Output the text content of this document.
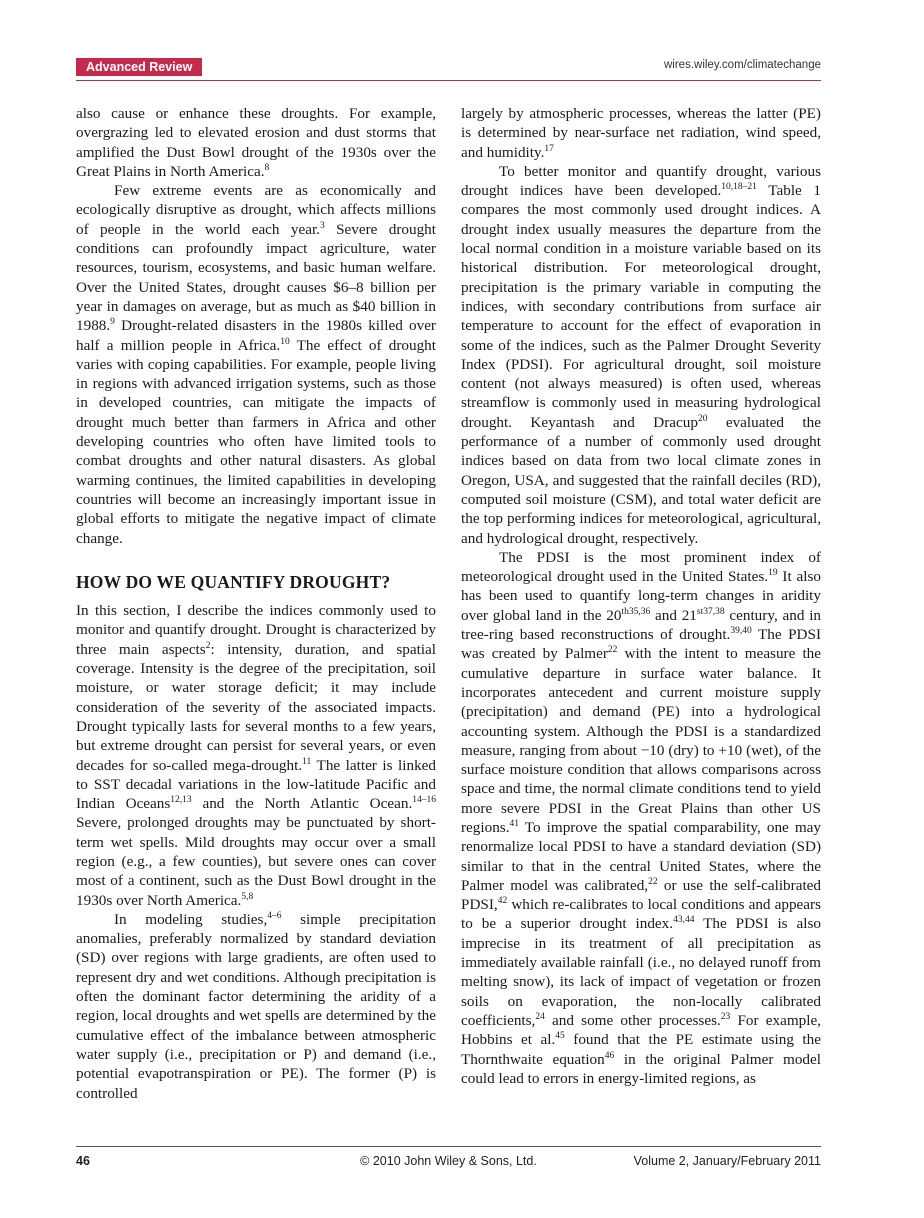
Advanced Review	wires.wiley.com/climatechange

also cause or enhance these droughts. For example, overgrazing led to elevated erosion and dust storms that amplified the Dust Bowl drought of the 1930s over the Great Plains in North America.$^8$

Few extreme events are as economically and ecologically disruptive as drought, which affects millions of people in the world each year.$^3$ Severe drought conditions can profoundly impact agriculture, water resources, tourism, ecosystems, and basic human welfare. Over the United States, drought causes $6–8 billion per year in damages on average, but as much as $40 billion in 1988.$^9$ Drought-related disasters in the 1980s killed over half a million people in Africa.$^{10}$ The effect of drought varies with coping capabilities. For example, people living in regions with advanced irrigation systems, such as those in developed countries, can mitigate the impacts of drought much better than farmers in Africa and other developing countries who often have limited tools to combat droughts and other natural disasters. As global warming continues, the limited capabilities in developing countries will become an increasingly important issue in global efforts to mitigate the negative impact of climate change.

HOW DO WE QUANTIFY DROUGHT?

In this section, I describe the indices commonly used to monitor and quantify drought. Drought is characterized by three main aspects$^2$: intensity, duration, and spatial coverage. Intensity is the degree of the precipitation, soil moisture, or water storage deficit; it may include consideration of the severity of the associated impacts. Drought typically lasts for several months to a few years, but extreme drought can persist for several years, or even decades for so-called mega-drought.$^{11}$ The latter is linked to SST decadal variations in the low-latitude Pacific and Indian Oceans$^{12,13}$ and the North Atlantic Ocean.$^{14-16}$ Severe, prolonged droughts may be punctuated by short-term wet spells. Mild droughts may occur over a small region (e.g., a few counties), but severe ones can cover most of a continent, such as the Dust Bowl drought in the 1930s over North America.$^{5,8}$

In modeling studies,$^{4-6}$ simple precipitation anomalies, preferably normalized by standard deviation (SD) over regions with large gradients, are often used to represent dry and wet conditions. Although precipitation is often the dominant factor determining the aridity of a region, local droughts and wet spells are determined by the cumulative effect of the imbalance between atmospheric water supply (i.e., precipitation or P) and demand (i.e., potential evapotranspiration or PE). The former (P) is controlled

largely by atmospheric processes, whereas the latter (PE) is determined by near-surface net radiation, wind speed, and humidity.$^{17}$

To better monitor and quantify drought, various drought indices have been developed.$^{10,18-21}$ Table 1 compares the most commonly used drought indices. A drought index usually measures the departure from the local normal condition in a moisture variable based on its historical distribution. For meteorological drought, precipitation is the primary variable in computing the indices, with secondary contributions from surface air temperature to account for the effect of evaporation in some of the indices, such as the Palmer Drought Severity Index (PDSI). For agricultural drought, soil moisture content (not always measured) is often used, whereas streamflow is commonly used in measuring hydrological drought. Keyantash and Dracup$^{20}$ evaluated the performance of a number of commonly used drought indices based on data from two local climate zones in Oregon, USA, and suggested that the rainfall deciles (RD), computed soil moisture (CSM), and total water deficit are the top performing indices for meteorological, agricultural, and hydrological drought, respectively.

The PDSI is the most prominent index of meteorological drought used in the United States.$^{19}$ It also has been used to quantify long-term changes in aridity over global land in the $20^{th35,36}$ and $21^{st37,38}$ century, and in tree-ring based reconstructions of drought.$^{39,40}$ The PDSI was created by Palmer$^{22}$ with the intent to measure the cumulative departure in surface water balance. It incorporates antecedent and current moisture supply (precipitation) and demand (PE) into a hydrological accounting system. Although the PDSI is a standardized measure, ranging from about −10 (dry) to +10 (wet), of the surface moisture condition that allows comparisons across space and time, the normal climate conditions tend to yield more severe PDSI in the Great Plains than other US regions.$^{41}$ To improve the spatial comparability, one may renormalize local PDSI to have a standard deviation (SD) similar to that in the central United States, where the Palmer model was calibrated,$^{22}$ or use the self-calibrated PDSI,$^{42}$ which re-calibrates to local conditions and appears to be a superior drought index.$^{43,44}$ The PDSI is also imprecise in its treatment of all precipitation as immediately available rainfall (i.e., no delayed runoff from melting snow), its lack of impact of vegetation or frozen soils on evaporation, the non-locally calibrated coefficients,$^{24}$ and some other processes.$^{23}$ For example, Hobbins et al.$^{45}$ found that the PE estimate using the Thornthwaite equation$^{46}$ in the original Palmer model could lead to errors in energy-limited regions, as

46	© 2010 John Wiley & Sons, Ltd.	Volume 2, January/February 2011
